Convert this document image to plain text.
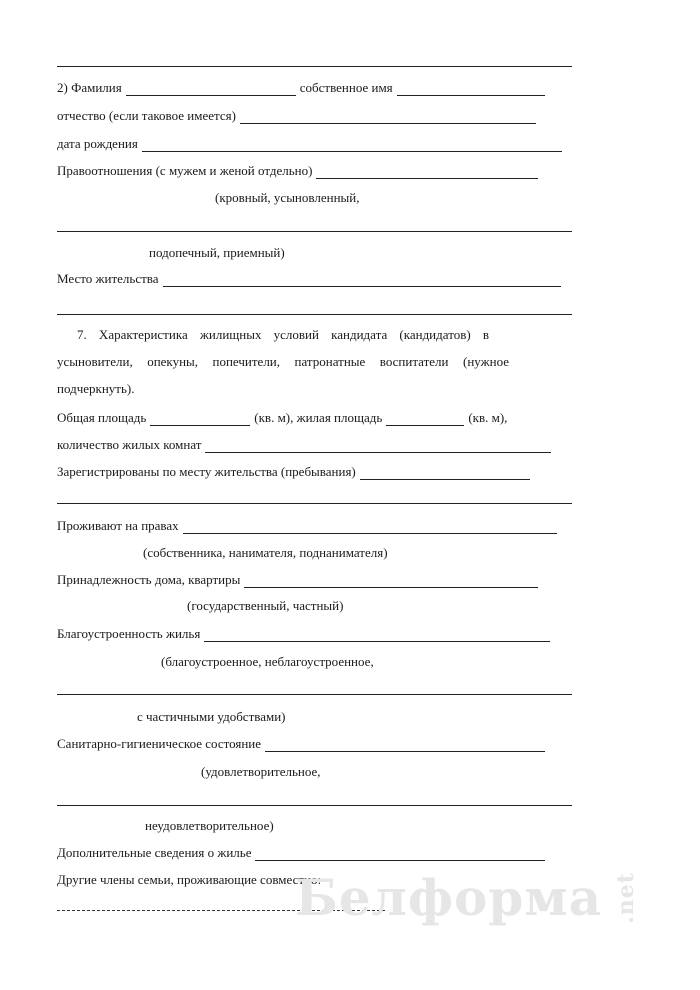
2) Фамилия	собственное имя
отчество (если таковое имеется)
дата рождения
Правоотношения (с мужем и женой отдельно)
(кровный, усыновленный,
подопечный, приемный)
Место жительства
7. Характеристика жилищных условий кандидата (кандидатов) в
усыновители, опекуны, попечители, патронатные воспитатели (нужное
подчеркнуть).
Общая площадь	(кв. м), жилая площадь	(кв. м),
количество жилых комнат
Зарегистрированы по месту жительства (пребывания)
Проживают на правах
(собственника, нанимателя, поднанимателя)
Принадлежность дома, квартиры
(государственный, частный)
Благоустроенность жилья
(благоустроенное, неблагоустроенное,
с частичными удобствами)
Санитарно-гигиеническое состояние
(удовлетворительное,
неудовлетворительное)
Дополнительные сведения о жилье
Другие члены семьи, проживающие совместно:
Белформа .net
